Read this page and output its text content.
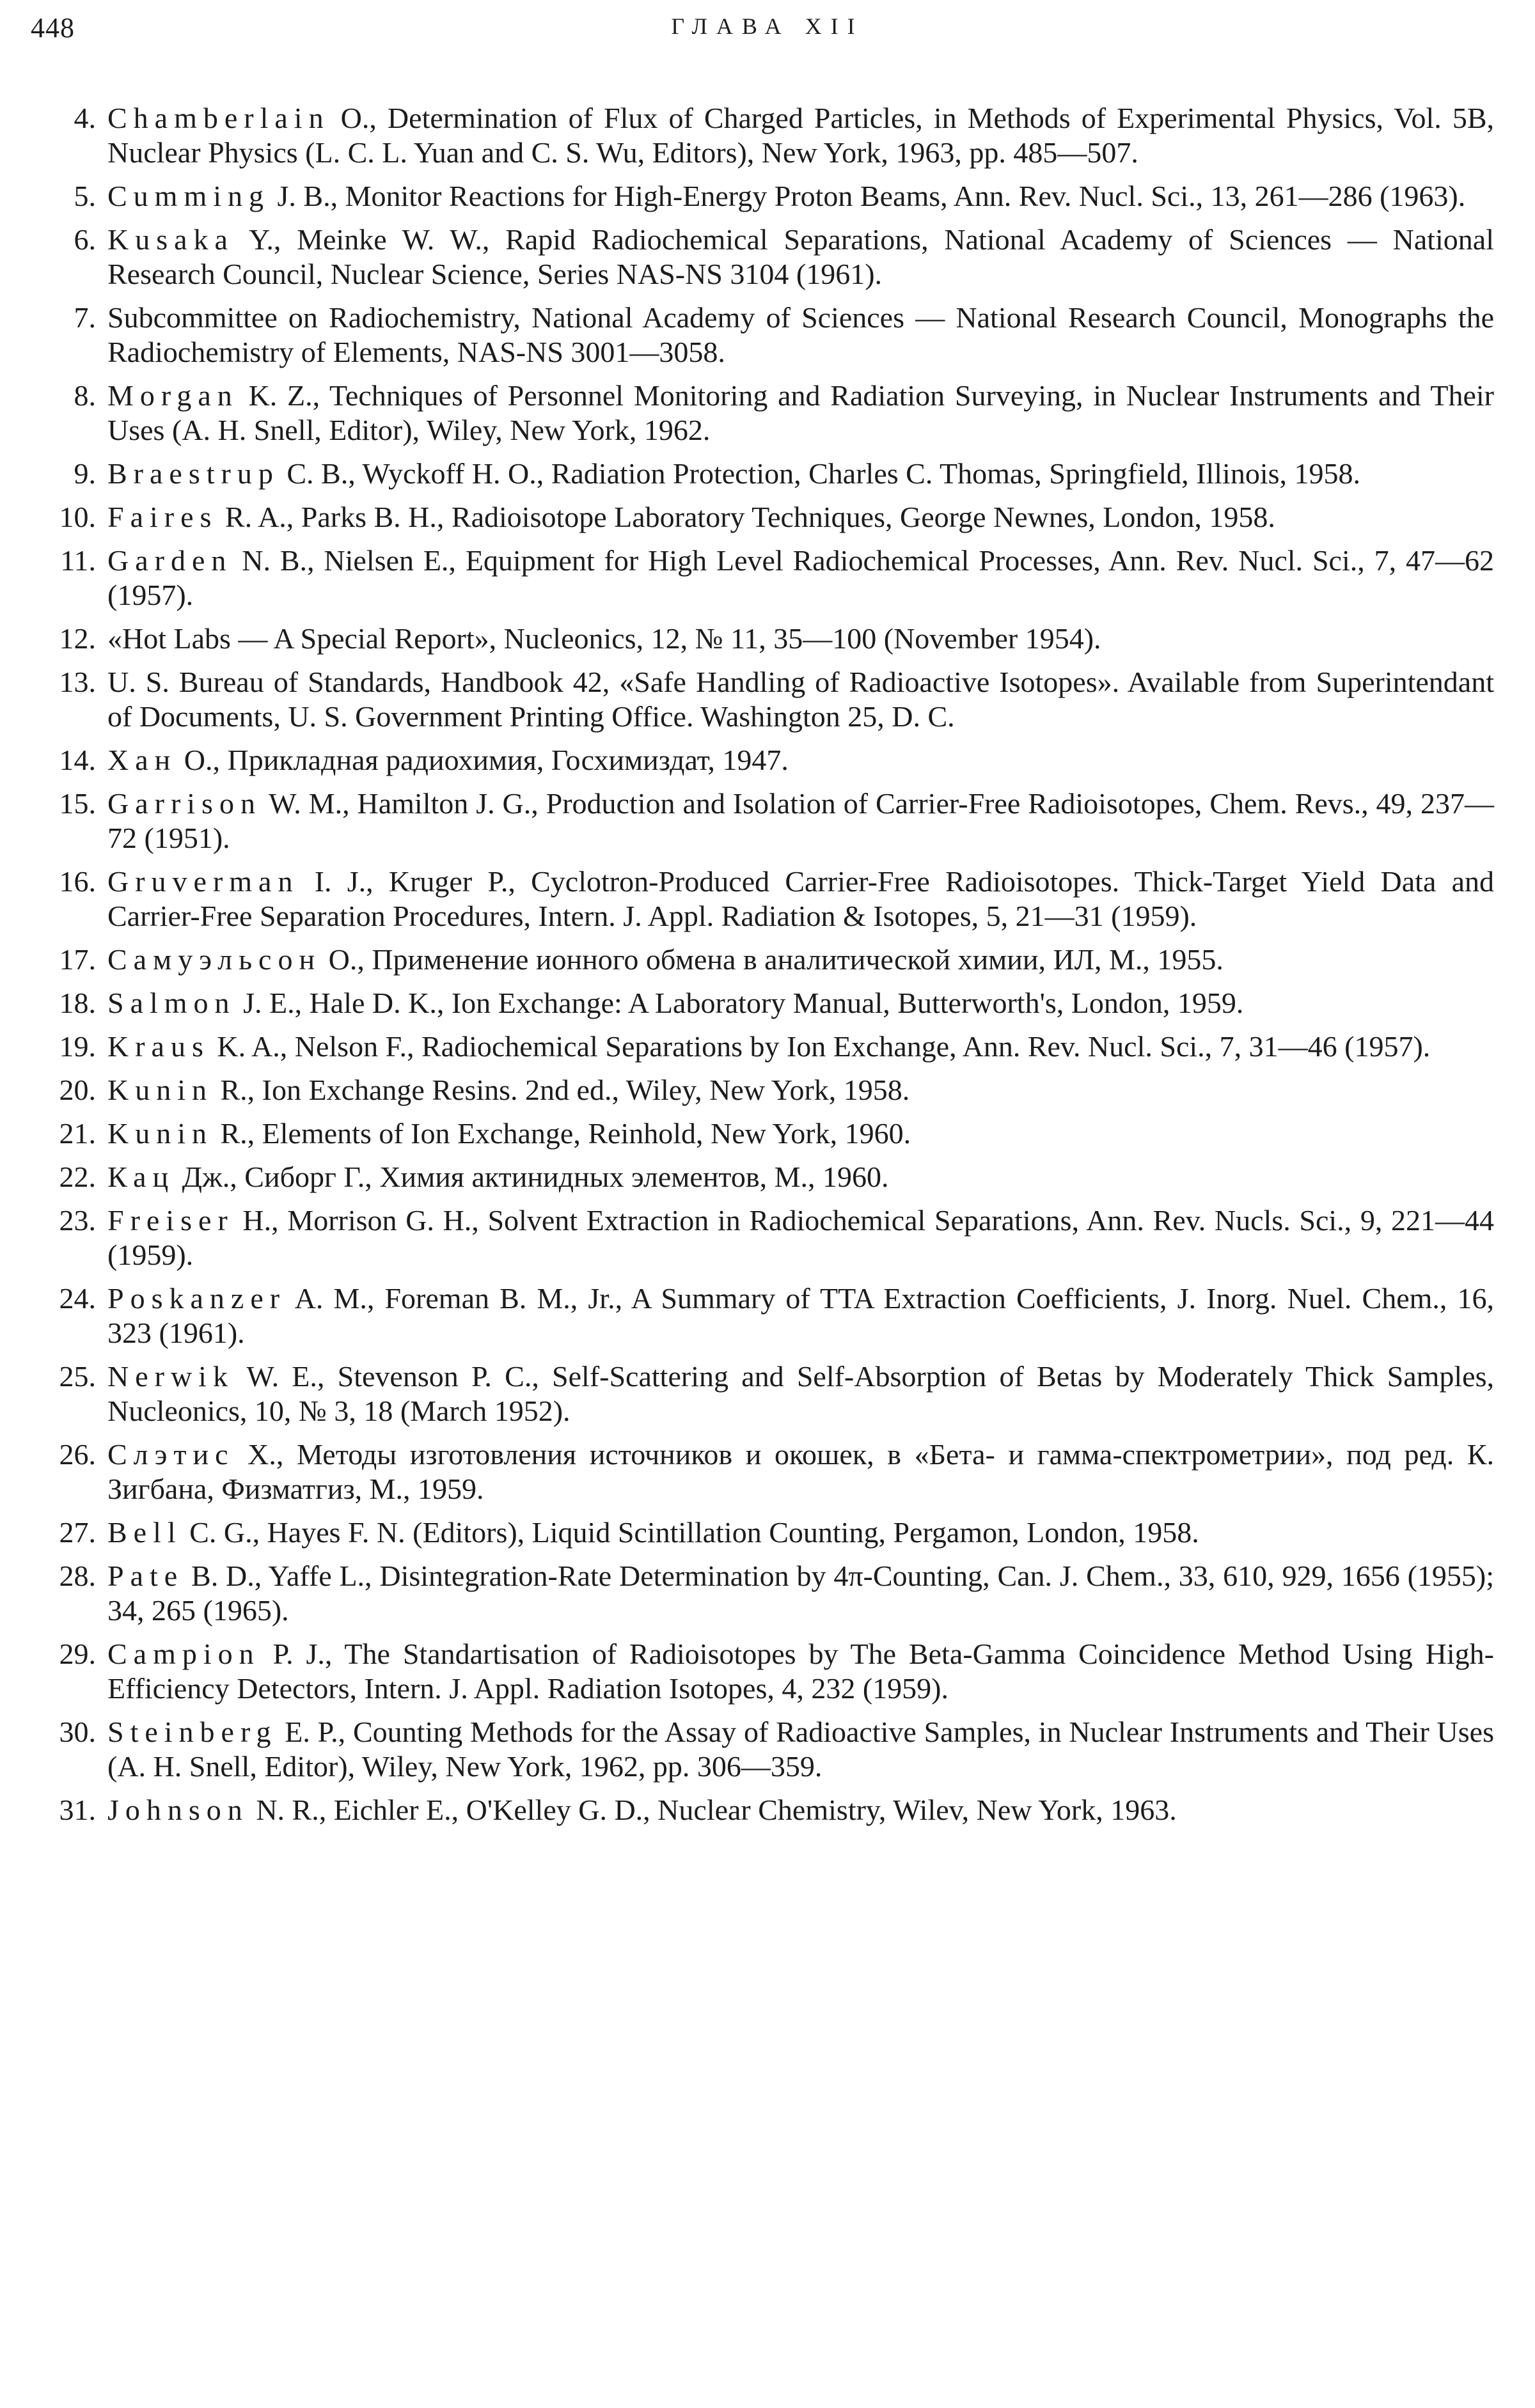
448	ГЛАВА XII
4 . Chamberlain O., Determination of Flux of Charged Particles, in Methods of Experimental Physics, Vol. 5B, Nuclear Physics (L. C. L. Yuan and C. S. Wu, Editors), New York, 1963, pp. 485—507.
5 . Cumming J. B., Monitor Reactions for High-Energy Proton Beams, Ann. Rev. Nucl. Sci., 13, 261—286 (1963).
6 . Kusaka Y., Meinke W. W., Rapid Radiochemical Separations, National Academy of Sciences — National Research Council, Nuclear Science, Series NAS-NS 3104 (1961).
7 . Subcommittee on Radiochemistry, National Academy of Sciences — National Research Council, Monographs the Radiochemistry of Elements, NAS-NS 3001—3058.
8 . Morgan K. Z., Techniques of Personnel Monitoring and Radiation Surveying, in Nuclear Instruments and Their Uses (A. H. Snell, Editor), Wiley, New York, 1962.
9 . Braestrup C. B., Wyckoff H. O., Radiation Protection, Charles C. Thomas, Springfield, Illinois, 1958.
10 . Faires R. A., Parks B. H., Radioisotope Laboratory Techniques, George Newnes, London, 1958.
11 . Garden N. B., Nielsen E., Equipment for High Level Radiochemical Processes, Ann. Rev. Nucl. Sci., 7, 47—62 (1957).
12 . «Hot Labs — A Special Report», Nucleonics, 12, № 11, 35—100 (November 1954).
13 . U. S. Bureau of Standards, Handbook 42, «Safe Handling of Radioactive Isotopes». Available from Superintendant of Documents, U. S. Government Printing Office. Washington 25, D. C.
14 . Хан О., Прикладная радиохимия, Госхимиздат, 1947.
15 . Garrison W. M., Hamilton J. G., Production and Isolation of Carrier-Free Radioisotopes, Chem. Revs., 49, 237—72 (1951).
16 . Gruverman I. J., Kruger P., Cyclotron-Produced Carrier-Free Radioisotopes. Thick-Target Yield Data and Carrier-Free Separation Procedures, Intern. J. Appl. Radiation & Isotopes, 5, 21—31 (1959).
17 . Самуэльсон О., Применение ионного обмена в аналитической химии, ИЛ, М., 1955.
18 . Salmon J. E., Hale D. K., Ion Exchange: A Laboratory Manual, Butterworth's, London, 1959.
19 . Kraus K. A., Nelson F., Radiochemical Separations by Ion Exchange, Ann. Rev. Nucl. Sci., 7, 31—46 (1957).
20 . Kunin R., Ion Exchange Resins. 2nd ed., Wiley, New York, 1958.
21 . Kunin R., Elements of Ion Exchange, Reinhold, New York, 1960.
22 . Кац Дж., Сиборг Г., Химия актинидных элементов, М., 1960.
23 . Freiser H., Morrison G. H., Solvent Extraction in Radiochemical Separations, Ann. Rev. Nucls. Sci., 9, 221—44 (1959).
24 . Poskanzer A. M., Foreman B. M., Jr., A Summary of TTA Extraction Coefficients, J. Inorg. Nuel. Chem., 16, 323 (1961).
25 . Nerwik W. E., Stevenson P. C., Self-Scattering and Self-Absorption of Betas by Moderately Thick Samples, Nucleonics, 10, № 3, 18 (March 1952).
26 . Слэтис Х., Методы изготовления источников и окошек, в «Бета- и гамма-спектрометрии», под ред. К. Зигбана, Физматгиз, М., 1959.
27 . Bell C. G., Hayes F. N. (Editors), Liquid Scintillation Counting, Pergamon, London, 1958.
28 . Pate B. D., Yaffe L., Disintegration-Rate Determination by 4π-Counting, Can. J. Chem., 33, 610, 929, 1656 (1955); 34, 265 (1965).
29 . Campion P. J., The Standartisation of Radioisotopes by The Beta-Gamma Coincidence Method Using High-Efficiency Detectors, Intern. J. Appl. Radiation Isotopes, 4, 232 (1959).
30 . Steinberg E. P., Counting Methods for the Assay of Radioactive Samples, in Nuclear Instruments and Their Uses (A. H. Snell, Editor), Wiley, New York, 1962, pp. 306—359.
31 . Johnson N. R., Eichler E., O'Kelley G. D., Nuclear Chemistry, Wilev, New York, 1963.
